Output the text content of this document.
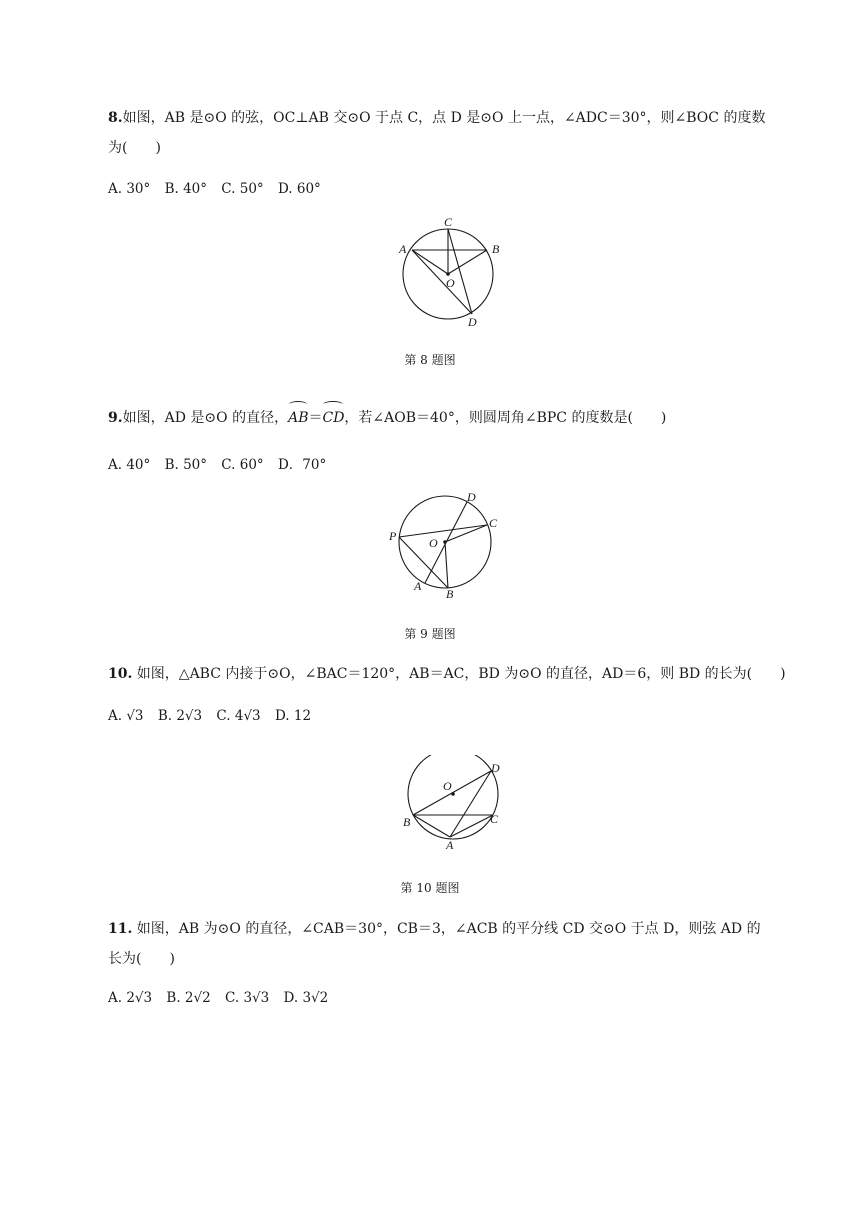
8.如图，AB 是⊙O 的弦，OC⊥AB 交⊙O 于点 C，点 D 是⊙O 上一点，∠ADC＝30°，则∠BOC 的度数
为(　　)
A. 30° B. 40° C. 50° D. 60°
A	B
C
O
D
第 8 题图
9.如图，AD 是⊙O 的直径，AB＝CD，若∠AOB＝40°，则圆周角∠BPC 的度数是(　　)
A. 40° B. 50° C. 60° D．70°
P	O
A
B
C
D
第 9 题图
10. 如图，△ABC 内接于⊙O，∠BAC＝120°，AB＝AC，BD 为⊙O 的直径，AD＝6，则 BD 的长为(　　)
A. √3 B. 2√3 C. 4√3 D. 12
O
D
B	C
A
第 10 题图
11. 如图，AB 为⊙O 的直径，∠CAB＝30°，CB＝3，∠ACB 的平分线 CD 交⊙O 于点 D，则弦 AD 的
长为(　　)
A. 2√3 B. 2√2 C. 3√3 D. 3√2
